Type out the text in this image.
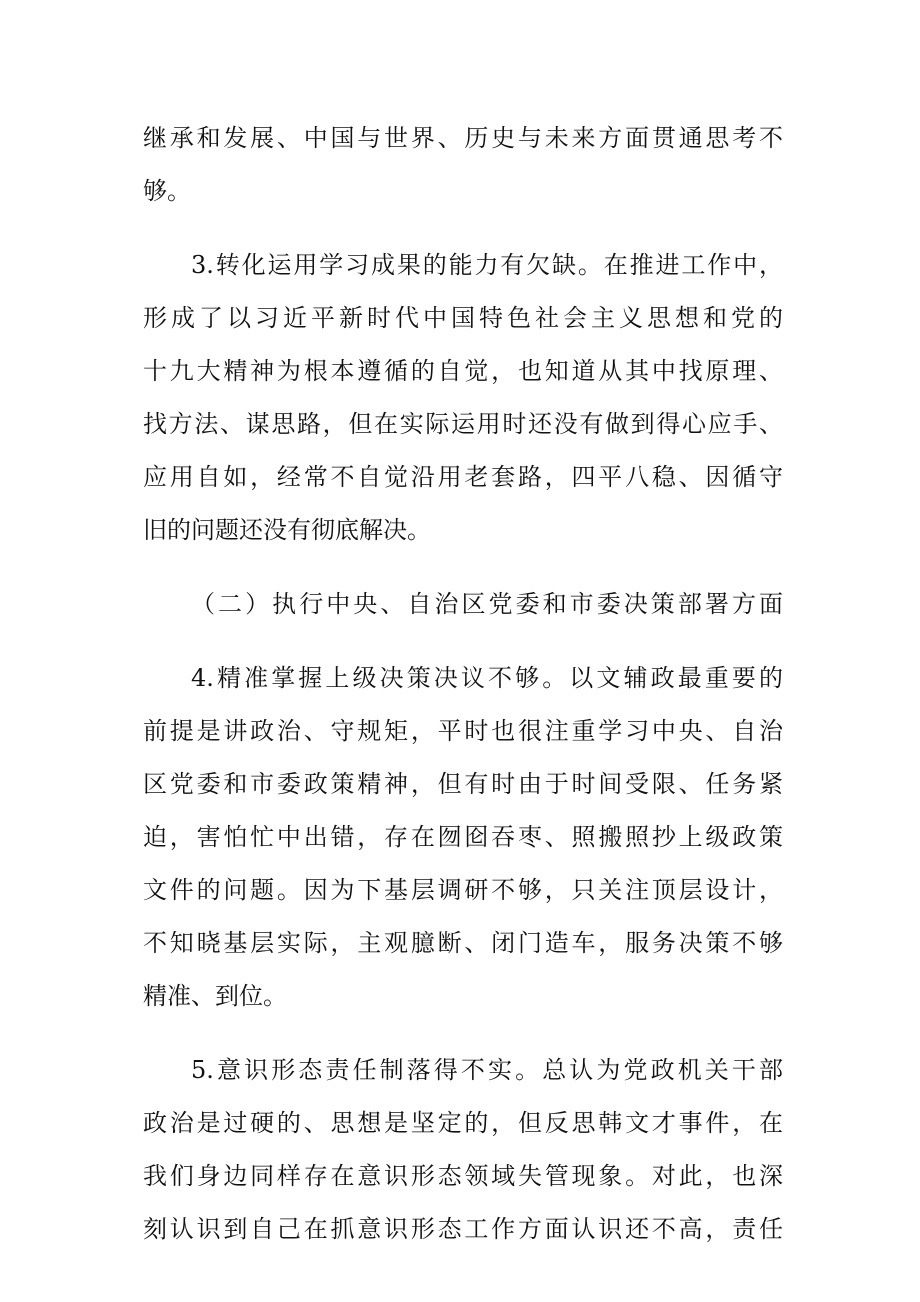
继承和发展、中国与世界、历史与未来方面贯通思考不
够。
3.转化运用学习成果的能力有欠缺。在推进工作中，
形成了以习近平新时代中国特色社会主义思想和党的
十九大精神为根本遵循的自觉，也知道从其中找原理、
找方法、谋思路，但在实际运用时还没有做到得心应手、
应用自如，经常不自觉沿用老套路，四平八稳、因循守
旧的问题还没有彻底解决。
（二）执行中央、自治区党委和市委决策部署方面
4.精准掌握上级决策决议不够。以文辅政最重要的
前提是讲政治、守规矩，平时也很注重学习中央、自治
区党委和市委政策精神，但有时由于时间受限、任务紧
迫，害怕忙中出错，存在囫囵吞枣、照搬照抄上级政策
文件的问题。因为下基层调研不够，只关注顶层设计，
不知晓基层实际，主观臆断、闭门造车，服务决策不够
精准、到位。
5.意识形态责任制落得不实。总认为党政机关干部
政治是过硬的、思想是坚定的，但反思韩文才事件，在
我们身边同样存在意识形态领域失管现象。对此，也深
刻认识到自己在抓意识形态工作方面认识还不高，责任
